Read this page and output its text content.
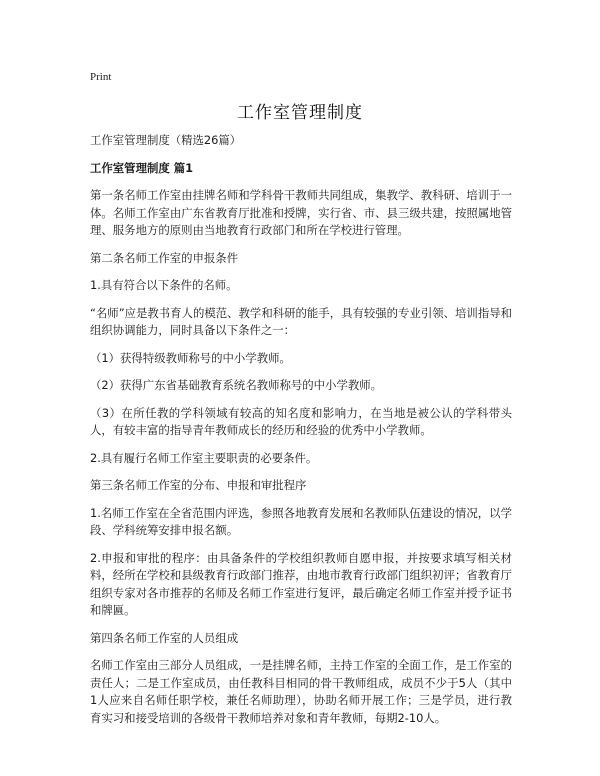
Print
工作室管理制度

工作室管理制度（精选26篇）

工作室管理制度 篇1

第一条名师工作室由挂牌名师和学科骨干教师共同组成，集教学、教科研、培训于一体。名师工作室由广东省教育厅批准和授牌，实行省、市、县三级共建，按照属地管理、服务地方的原则由当地教育行政部门和所在学校进行管理。

第二条名师工作室的申报条件

1.具有符合以下条件的名师。

“名师”应是教书育人的模范、教学和科研的能手，具有较强的专业引领、培训指导和组织协调能力，同时具备以下条件之一：

（1）获得特级教师称号的中小学教师。

（2）获得广东省基础教育系统名教师称号的中小学教师。

（3）在所任教的学科领域有较高的知名度和影响力，在当地是被公认的学科带头人，有较丰富的指导青年教师成长的经历和经验的优秀中小学教师。

2.具有履行名师工作室主要职责的必要条件。

第三条名师工作室的分布、申报和审批程序

1.名师工作室在全省范围内评选，参照各地教育发展和名教师队伍建设的情况，以学段、学科统筹安排申报名额。

2.申报和审批的程序：由具备条件的学校组织教师自愿申报，并按要求填写相关材料，经所在学校和县级教育行政部门推荐，由地市教育行政部门组织初评；省教育厅组织专家对各市推荐的名师及名师工作室进行复评，最后确定名师工作室并授予证书和牌匾。

第四条名师工作室的人员组成

名师工作室由三部分人员组成，一是挂牌名师，主持工作室的全面工作，是工作室的责任人；二是工作室成员，由任教科目相同的骨干教师组成，成员不少于5人（其中1人应来自名师任职学校，兼任名师助理），协助名师开展工作；三是学员，进行教育实习和接受培训的各级骨干教师培养对象和青年教师，每期2-10人。
